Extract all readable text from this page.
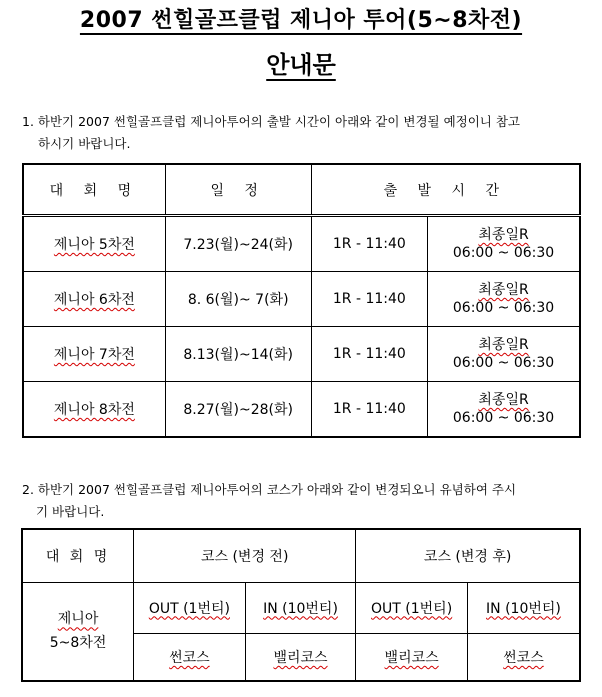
2007 썬힐골프클럽 제니아 투어(5~8차전)
안내문
1. 하반기 2007 썬힐골프클럽 제니아투어의 출발 시간이 아래와 같이 변경될 예정이니 참고
하시기 바랍니다.
대 회 명	일 정	출 발 시 간	
제니아 5차전	7.23(월)~24(화)	1R - 11:40	최종일R
06:00 ~ 06:30
제니아 6차전	8. 6(월)~ 7(화)	1R - 11:40	최종일R
06:00 ~ 06:30
제니아 7차전	8.13(월)~14(화)	1R - 11:40	최종일R
06:00 ~ 06:30
제니아 8차전	8.27(월)~28(화)	1R - 11:40	최종일R
06:00 ~ 06:30
2. 하반기 2007 썬힐골프클럽 제니아투어의 코스가 아래와 같이 변경되오니 유념하여 주시
기 바랍니다.
대 회 명	코스 (변경 전)		코스 (변경 후)	
제니아
5~8차전	OUT (1번티)	IN (10번티)	OUT (1번티)	IN (10번티)
	썬코스	밸리코스	밸리코스	썬코스
